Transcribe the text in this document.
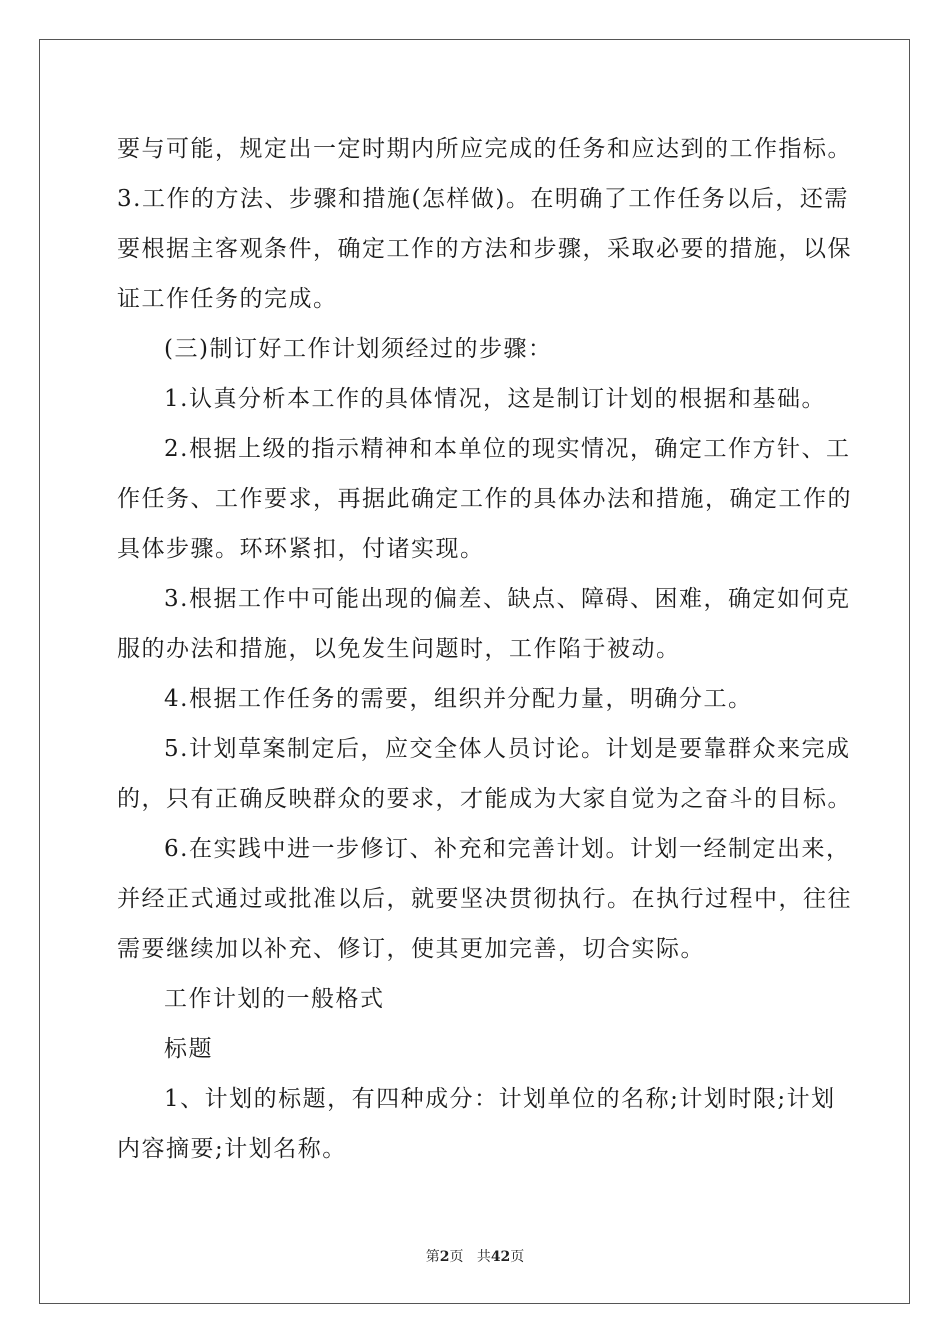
要与可能，规定出一定时期内所应完成的任务和应达到的工作指标。
3.工作的方法、步骤和措施(怎样做)。在明确了工作任务以后，还需
要根据主客观条件，确定工作的方法和步骤，采取必要的措施，以保
证工作任务的完成。
(三)制订好工作计划须经过的步骤：
1.认真分析本工作的具体情况，这是制订计划的根据和基础。
2.根据上级的指示精神和本单位的现实情况，确定工作方针、工
作任务、工作要求，再据此确定工作的具体办法和措施，确定工作的
具体步骤。环环紧扣，付诸实现。
3.根据工作中可能出现的偏差、缺点、障碍、困难，确定如何克
服的办法和措施，以免发生问题时，工作陷于被动。
4.根据工作任务的需要，组织并分配力量，明确分工。
5.计划草案制定后，应交全体人员讨论。计划是要靠群众来完成
的，只有正确反映群众的要求，才能成为大家自觉为之奋斗的目标。
6.在实践中进一步修订、补充和完善计划。计划一经制定出来，
并经正式通过或批准以后，就要坚决贯彻执行。在执行过程中，往往
需要继续加以补充、修订，使其更加完善，切合实际。
工作计划的一般格式
标题
1、计划的标题，有四种成分：计划单位的名称;计划时限;计划
内容摘要;计划名称。
第2页 共42页
